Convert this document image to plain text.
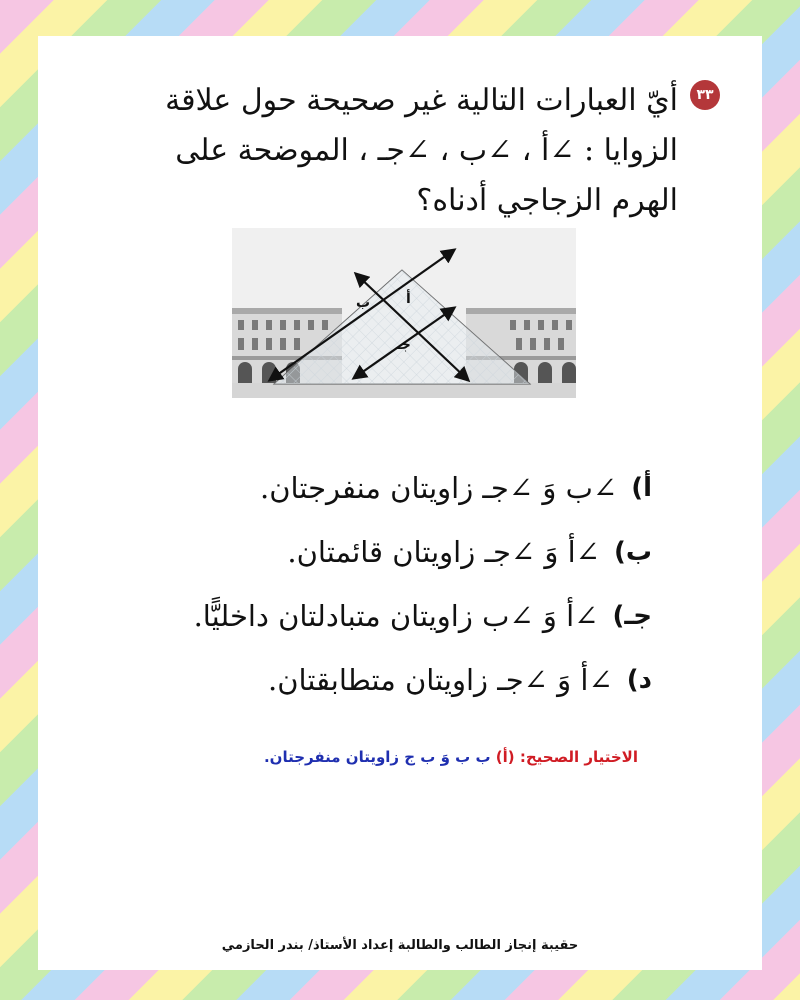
٣٣
أيّ العبارات التالية غير صحيحة حول علاقة
الزوايا : ∠أ ، ∠ب ، ∠جـ ، الموضحة على
الهرم الزجاجي أدناه؟
ب	أ
جـ
أ)
∠ب وَ ∠جـ زاويتان منفرجتان.
ب)
∠أ وَ ∠جـ زاويتان قائمتان.
جـ)
∠أ وَ ∠ب زاويتان متبادلتان داخليًّا.
د)
∠أ وَ ∠جـ زاويتان متطابقتان.
الاختيار الصحيح: (أ) ﺏ ب وَ ﺏ ج زاويتان منفرجتان.
حقيبة إنجاز الطالب والطالبة إعداد الأستاذ/ بندر الحازمي
